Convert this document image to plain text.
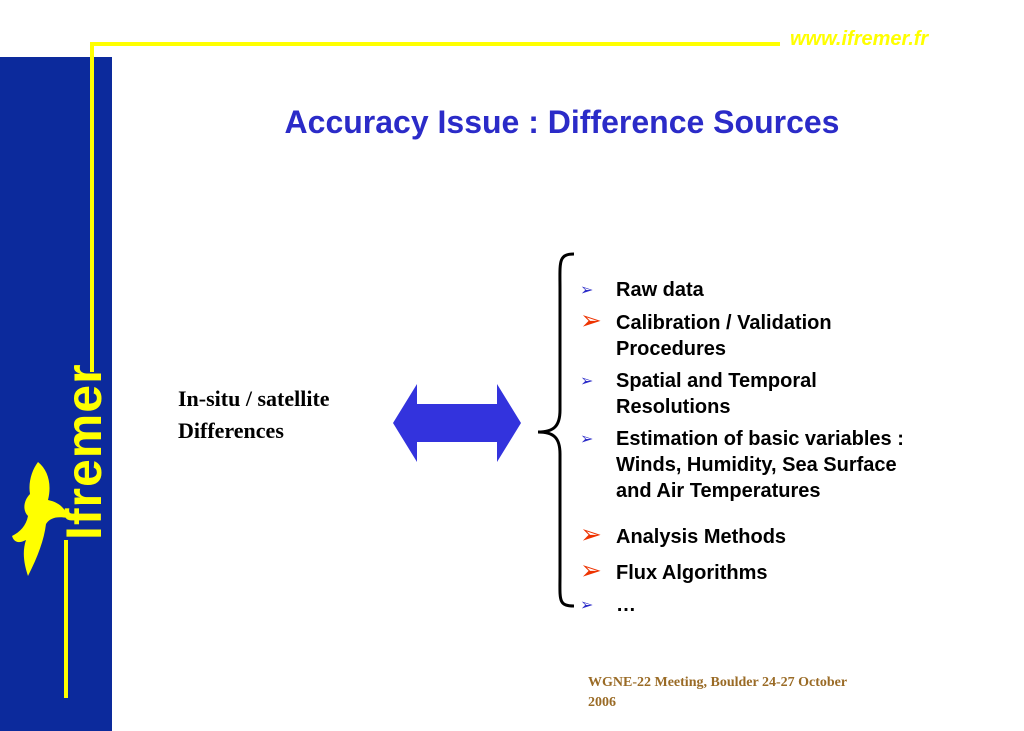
www.ifremer.fr
Ifremer
Accuracy Issue : Difference Sources
In-situ / satellite
Differences
➢ Raw data
➢ Calibration / Validation
Procedures
➢ Spatial and Temporal
Resolutions
➢ Estimation of basic variables :
Winds, Humidity, Sea Surface
and Air Temperatures
➢ Analysis Methods
➢ Flux Algorithms
➢ …
WGNE-22 Meeting, Boulder 24-27 October
2006
